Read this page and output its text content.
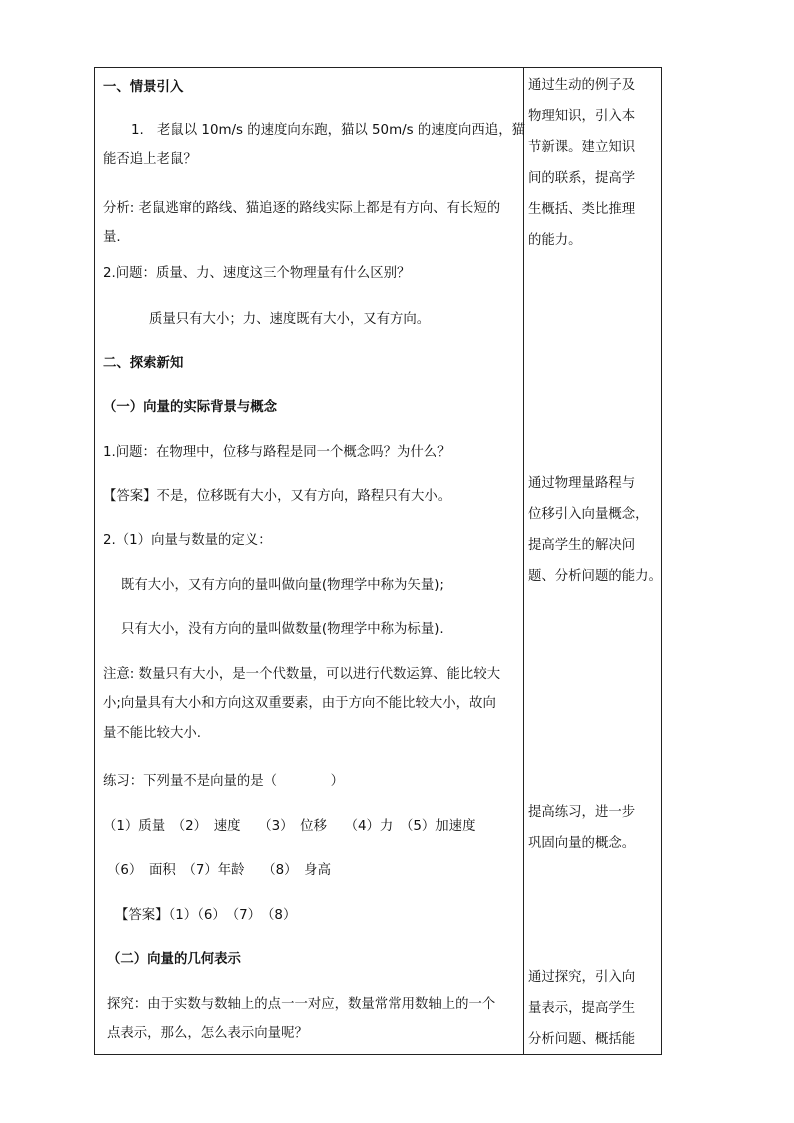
一、情景引入
1. 老鼠以 10m/s 的速度向东跑，猫以 50m/s 的速度向西追，猫
能否追上老鼠？
分析: 老鼠逃窜的路线、猫追逐的路线实际上都是有方向、有长短的
量.
2.问题：质量、力、速度这三个物理量有什么区别？
质量只有大小；力、速度既有大小，又有方向。
二、探索新知
（一）向量的实际背景与概念
1.问题：在物理中，位移与路程是同一个概念吗？为什么？
【答案】不是，位移既有大小，又有方向，路程只有大小。
2.（1）向量与数量的定义：
既有大小，又有方向的量叫做向量(物理学中称为矢量);
只有大小，没有方向的量叫做数量(物理学中称为标量).
注意: 数量只有大小，是一个代数量，可以进行代数运算、能比较大
小;向量具有大小和方向这双重要素，由于方向不能比较大小，故向
量不能比较大小.
练习：下列量不是向量的是（　　　　）
（1）质量　（2）　速度　 （3）　位移　 （4）力　（5）加速度
（6）　面积　（7）年龄　 （8）　身高
【答案】（1）（6）　（7）　（8）
（二）向量的几何表示
探究：由于实数与数轴上的点一一对应，数量常常用数轴上的一个
点表示，那么，怎么表示向量呢？
通过生动的例子及
物理知识，引入本
节新课。建立知识
间的联系，提高学
生概括、类比推理
的能力。
通过物理量路程与
位移引入向量概念，
提高学生的解决问
题、分析问题的能力。
提高练习，进一步
巩固向量的概念。
通过探究，引入向
量表示，提高学生
分析问题、概括能
